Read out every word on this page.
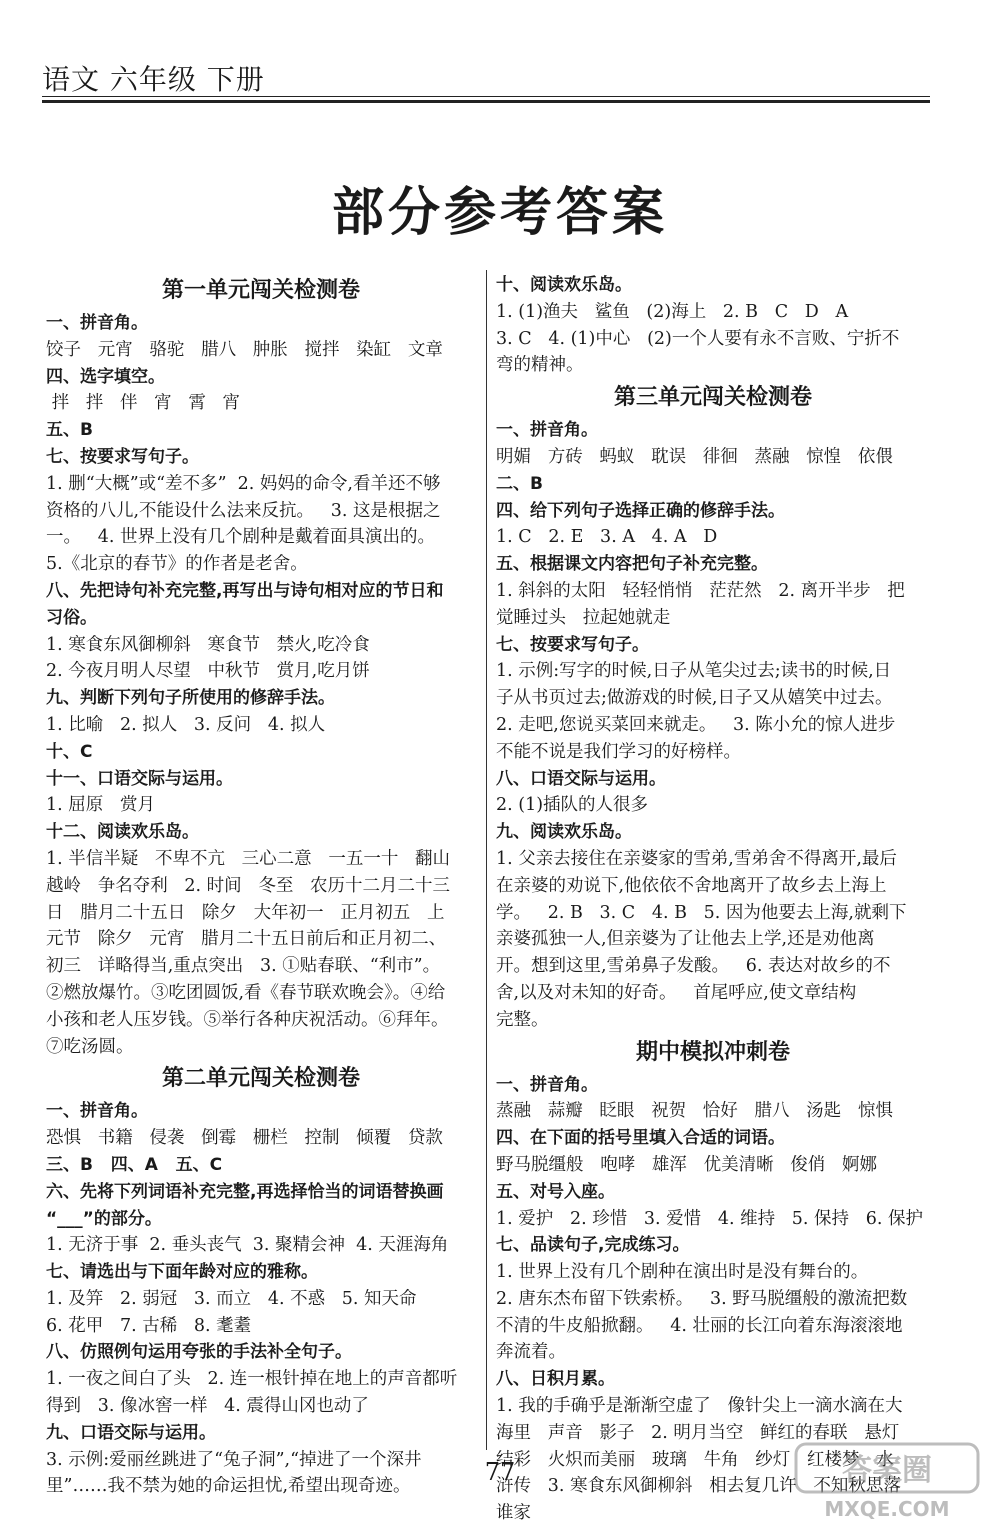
语文 六年级 下册
部分参考答案
第一单元闯关检测卷
一、拼音角。
饺子   元宵   骆驼   腊八   肿胀   搅拌   染缸   文章
四、选字填空。
拌   拌   伴   宵   霄   宵
五、B
七、按要求写句子。
1. 删“大概”或“差不多”  2. 妈妈的命令,看羊还不够
资格的八儿,不能设什么法来反抗。   3. 这是根据之
一。   4. 世界上没有几个剧种是戴着面具演出的。
5.《北京的春节》的作者是老舍。
八、先把诗句补充完整,再写出与诗句相对应的节日和
习俗。
1. 寒食东风御柳斜   寒食节   禁火,吃冷食
2. 今夜月明人尽望   中秋节   赏月,吃月饼
九、判断下列句子所使用的修辞手法。
1. 比喻   2. 拟人   3. 反问   4. 拟人
十、C
十一、口语交际与运用。
1. 屈原   赏月
十二、阅读欢乐岛。
1. 半信半疑   不卑不亢   三心二意   一五一十   翻山
越岭   争名夺利   2. 时间   冬至   农历十二月二十三
日   腊月二十五日   除夕   大年初一   正月初五   上
元节   除夕   元宵   腊月二十五日前后和正月初二、
初三   详略得当,重点突出   3. ①贴春联、“利市”。
②燃放爆竹。③吃团圆饭,看《春节联欢晚会》。④给
小孩和老人压岁钱。⑤举行各种庆祝活动。⑥拜年。
⑦吃汤圆。
第二单元闯关检测卷
一、拼音角。
恐惧   书籍   侵袭   倒霉   栅栏   控制   倾覆   贷款
三、B   四、A   五、C
六、先将下列词语补充完整,再选择恰当的词语替换画
“___”的部分。
1. 无济于事  2. 垂头丧气  3. 聚精会神  4. 天涯海角
七、请选出与下面年龄对应的雅称。
1. 及笄   2. 弱冠   3. 而立   4. 不惑   5. 知天命
6. 花甲   7. 古稀   8. 耄耋
八、仿照例句运用夸张的手法补全句子。
1. 一夜之间白了头   2. 连一根针掉在地上的声音都听
得到   3. 像冰窖一样   4. 震得山冈也动了
九、口语交际与运用。
3. 示例:爱丽丝跳进了“兔子洞”,“掉进了一个深井
里”……我不禁为她的命运担忧,希望出现奇迹。
十、阅读欢乐岛。
1. (1)渔夫   鲨鱼   (2)海上   2. B   C   D   A
3. C   4. (1)中心   (2)一个人要有永不言败、宁折不
弯的精神。
第三单元闯关检测卷
一、拼音角。
明媚   方砖   蚂蚁   耽误   徘徊   蒸融   惊惶   依偎
二、B
四、给下列句子选择正确的修辞手法。
1. C   2. E   3. A   4. A   D
五、根据课文内容把句子补充完整。
1. 斜斜的太阳   轻轻悄悄   茫茫然   2. 离开半步   把
觉睡过头   拉起她就走
七、按要求写句子。
1. 示例:写字的时候,日子从笔尖过去;读书的时候,日
子从书页过去;做游戏的时候,日子又从嬉笑中过去。
2. 走吧,您说买菜回来就走。   3. 陈小允的惊人进步
不能不说是我们学习的好榜样。
八、口语交际与运用。
2. (1)插队的人很多
九、阅读欢乐岛。
1. 父亲去接住在亲婆家的雪弟,雪弟舍不得离开,最后
在亲婆的劝说下,他依依不舍地离开了故乡去上海上
学。   2. B   3. C   4. B   5. 因为他要去上海,就剩下
亲婆孤独一人,但亲婆为了让他去上学,还是劝他离
开。想到这里,雪弟鼻子发酸。   6. 表达对故乡的不
舍,以及对未知的好奇。   首尾呼应,使文章结构
完整。
期中模拟冲刺卷
一、拼音角。
蒸融   蒜瓣   眨眼   祝贺   恰好   腊八   汤匙   惊惧
四、在下面的括号里填入合适的词语。
野马脱缰般   咆哮   雄浑   优美清晰   俊俏   婀娜
五、对号入座。
1. 爱护   2. 珍惜   3. 爱惜   4. 维持   5. 保持   6. 保护
七、品读句子,完成练习。
1. 世界上没有几个剧种在演出时是没有舞台的。
2. 唐东杰布留下铁索桥。   3. 野马脱缰般的激流把数
不清的牛皮船掀翻。   4. 壮丽的长江向着东海滚滚地
奔流着。
八、日积月累。
1. 我的手确乎是渐渐空虚了   像针尖上一滴水滴在大
海里   声音   影子   2. 明月当空   鲜红的春联   悬灯
结彩   火炽而美丽   玻璃   牛角   纱灯   红楼梦   水
浒传   3. 寒食东风御柳斜   相去复几许   不知秋思落
谁家
77	答案圈
MXQE.COM
